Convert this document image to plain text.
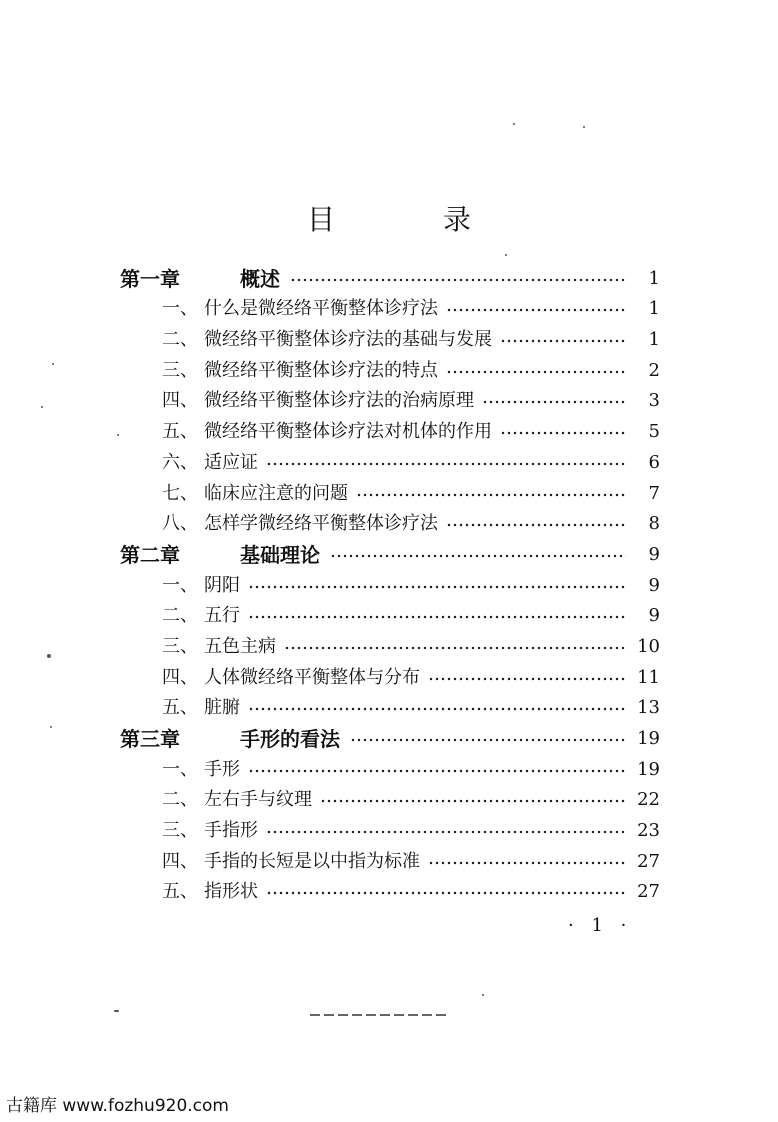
目　录
第一章	概述	1
一、 什么是微经络平衡整体诊疗法	1
二、 微经络平衡整体诊疗法的基础与发展	1
三、 微经络平衡整体诊疗法的特点	2
四、 微经络平衡整体诊疗法的治病原理	3
五、 微经络平衡整体诊疗法对机体的作用	5
六、 适应证	6
七、 临床应注意的问题	7
八、 怎样学微经络平衡整体诊疗法	8
第二章	基础理论	9
一、 阴阳	9
二、 五行	9
三、 五色主病	10
四、 人体微经络平衡整体与分布	11
五、 脏腑	13
第三章	手形的看法	19
一、 手形	19
二、 左右手与纹理	22
三、 手指形	23
四、 手指的长短是以中指为标准	27
五、 指形状	27
· 1 ·
古籍库 www.fozhu920.com
